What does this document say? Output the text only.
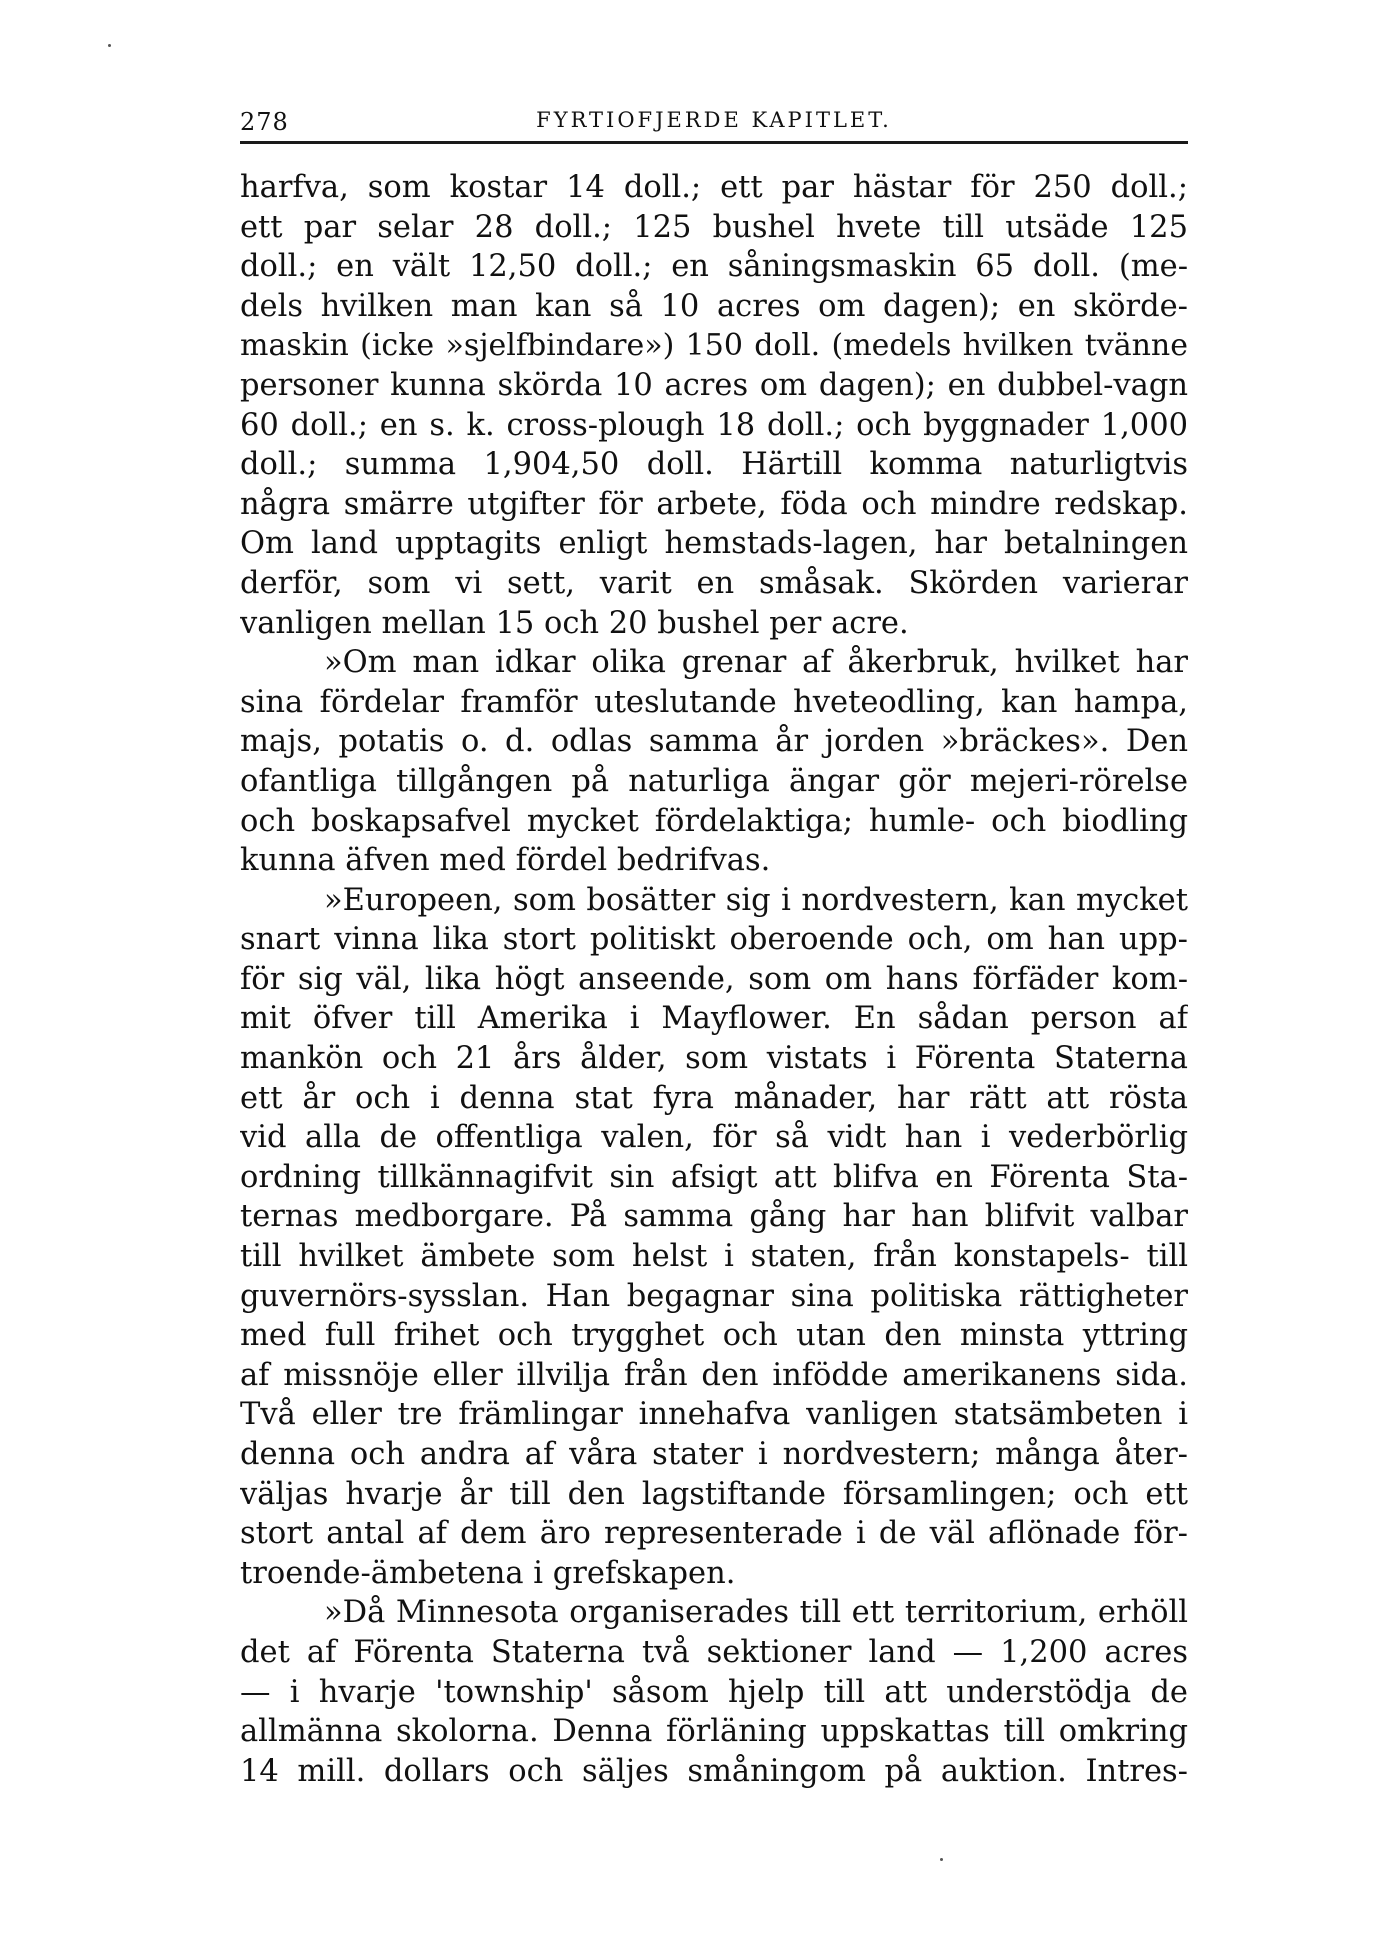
278	FYRTIOFJERDE KAPITLET.
harfva, som kostar 14 doll.; ett par hästar för 250 doll.;
ett par selar 28 doll.; 125 bushel hvete till utsäde 125
doll.; en vält 12,50 doll.; en såningsmaskin 65 doll. (me-
dels hvilken man kan så 10 acres om dagen); en skörde-
maskin (icke »sjelfbindare») 150 doll. (medels hvilken tvänne
personer kunna skörda 10 acres om dagen); en dubbel-vagn
60 doll.; en s. k. cross-plough 18 doll.; och byggnader 1,000
doll.; summa 1,904,50 doll. Härtill komma naturligtvis
några smärre utgifter för arbete, föda och mindre redskap.
Om land upptagits enligt hemstads-lagen, har betalningen
derför, som vi sett, varit en småsak. Skörden varierar
vanligen mellan 15 och 20 bushel per acre.
»Om man idkar olika grenar af åkerbruk, hvilket har
sina fördelar framför uteslutande hveteodling, kan hampa,
majs, potatis o. d. odlas samma år jorden »bräckes». Den
ofantliga tillgången på naturliga ängar gör mejeri-rörelse
och boskapsafvel mycket fördelaktiga; humle- och biodling
kunna äfven med fördel bedrifvas.
»Europeen, som bosätter sig i nordvestern, kan mycket
snart vinna lika stort politiskt oberoende och, om han upp-
för sig väl, lika högt anseende, som om hans förfäder kom-
mit öfver till Amerika i Mayflower. En sådan person af
mankön och 21 års ålder, som vistats i Förenta Staterna
ett år och i denna stat fyra månader, har rätt att rösta
vid alla de offentliga valen, för så vidt han i vederbörlig
ordning tillkännagifvit sin afsigt att blifva en Förenta Sta-
ternas medborgare. På samma gång har han blifvit valbar
till hvilket ämbete som helst i staten, från konstapels- till
guvernörs-sysslan. Han begagnar sina politiska rättigheter
med full frihet och trygghet och utan den minsta yttring
af missnöje eller illvilja från den infödde amerikanens sida.
Två eller tre främlingar innehafva vanligen statsämbeten i
denna och andra af våra stater i nordvestern; många åter-
väljas hvarje år till den lagstiftande församlingen; och ett
stort antal af dem äro representerade i de väl aflönade för-
troende-ämbetena i grefskapen.
»Då Minnesota organiserades till ett territorium, erhöll
det af Förenta Staterna två sektioner land — 1,200 acres
— i hvarje 'township' såsom hjelp till att understödja de
allmänna skolorna. Denna förläning uppskattas till omkring
14 mill. dollars och säljes småningom på auktion. Intres-
